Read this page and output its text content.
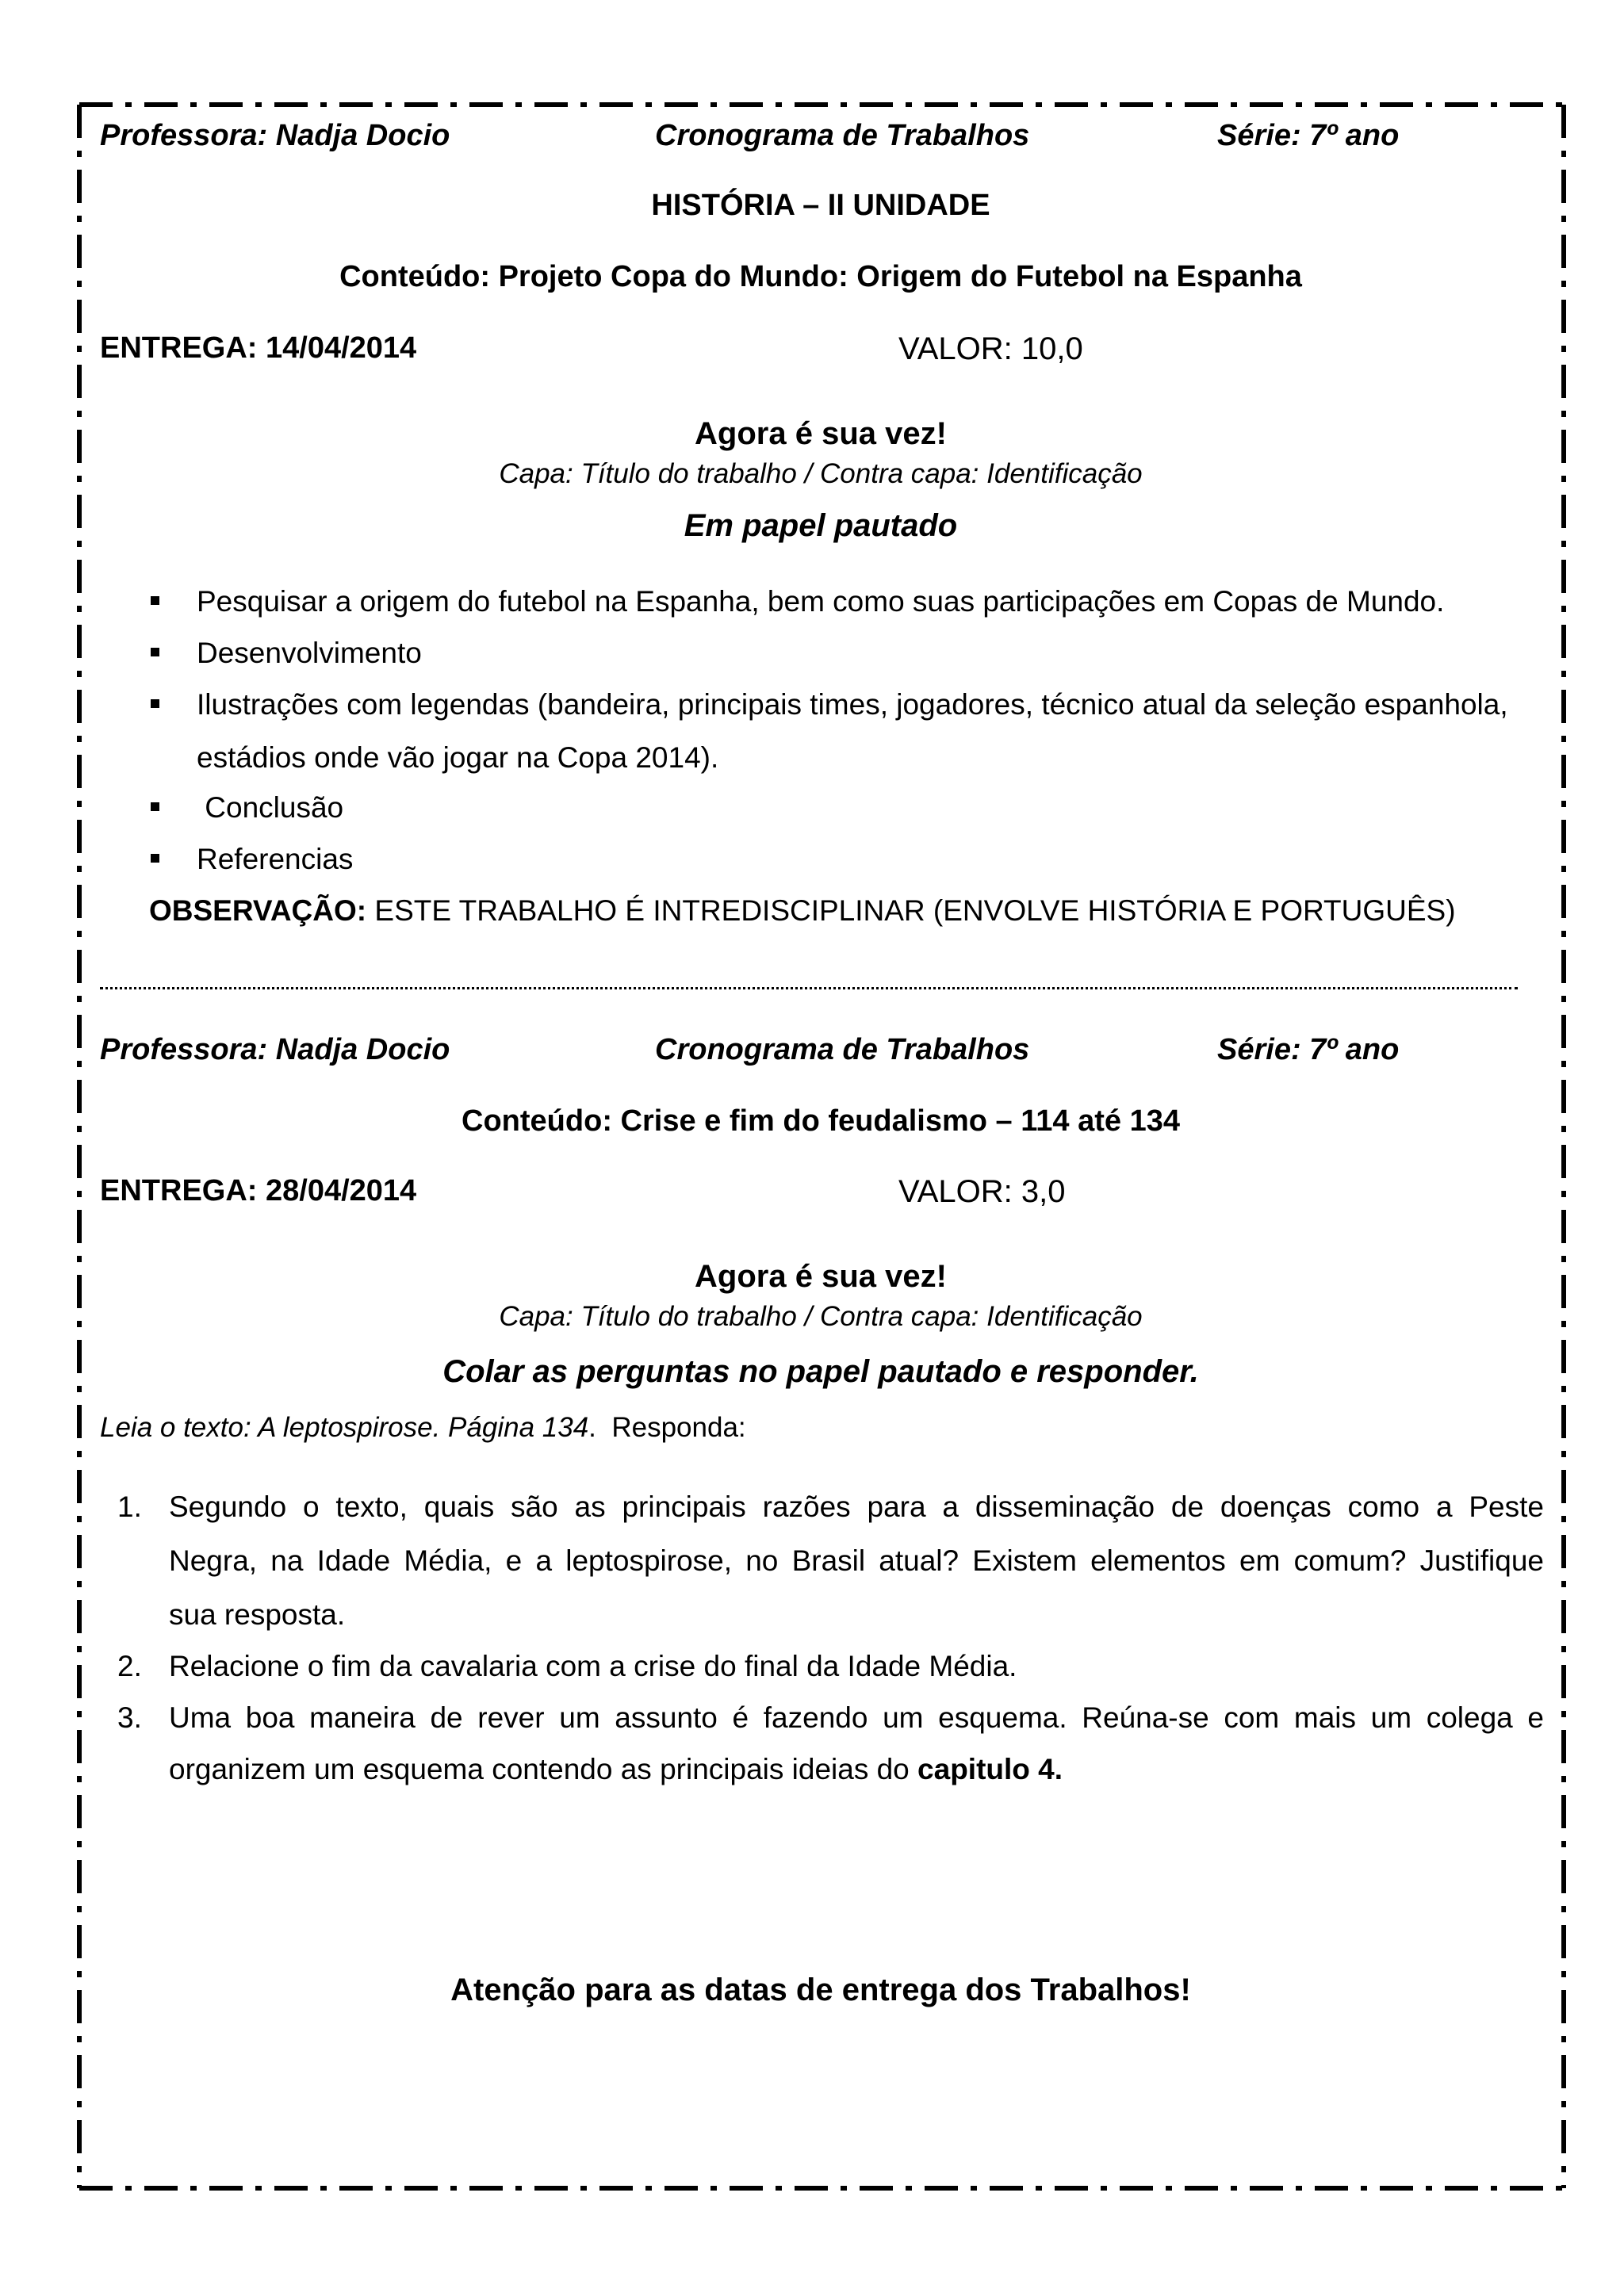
Professora: Nadja Docio	Cronograma de Trabalhos	Série: 7º ano
HISTÓRIA – II UNIDADE
Conteúdo: Projeto Copa do Mundo: Origem do Futebol na Espanha
ENTREGA: 14/04/2014	VALOR: 10,0
Agora é sua vez!
Capa: Título do trabalho / Contra capa: Identificação
Em papel pautado
Pesquisar a origem do futebol na Espanha, bem como suas participações em Copas de Mundo.
Desenvolvimento
Ilustrações com legendas (bandeira, principais times, jogadores, técnico atual da seleção espanhola,
estádios onde vão jogar na Copa 2014).
Conclusão
Referencias
OBSERVAÇÃO: ESTE TRABALHO É INTREDISCIPLINAR (ENVOLVE HISTÓRIA E PORTUGUÊS)
Professora: Nadja Docio	Cronograma de Trabalhos	Série: 7º ano
Conteúdo: Crise e fim do feudalismo – 114 até 134
ENTREGA: 28/04/2014	VALOR: 3,0
Agora é sua vez!
Capa: Título do trabalho / Contra capa: Identificação
Colar as perguntas no papel pautado e responder.
Leia o texto: A leptospirose. Página 134.  Responda:
1. Segundo o texto, quais são as principais razões para a disseminação de doenças como a Peste
Negra, na Idade Média, e a leptospirose, no Brasil atual? Existem elementos em comum? Justifique
sua resposta.
2. Relacione o fim da cavalaria com a crise do final da Idade Média.
3. Uma boa maneira de rever um assunto é fazendo um esquema. Reúna-se com mais um colega e
organizem um esquema contendo as principais ideias do capitulo 4.
Atenção para as datas de entrega dos Trabalhos!
